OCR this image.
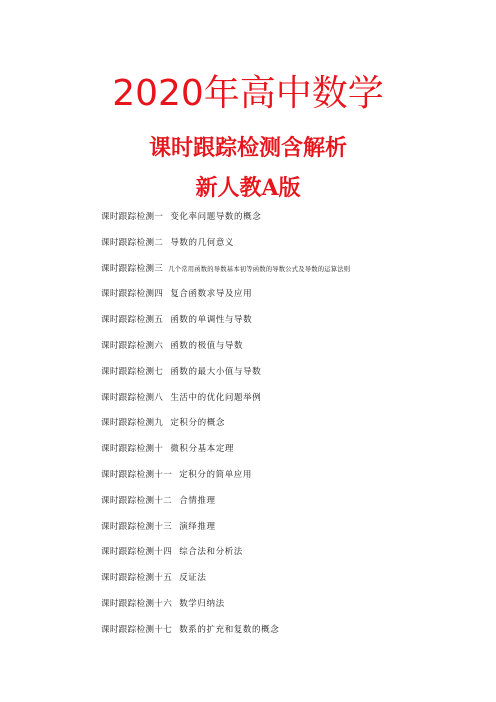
2020年高中数学
课时跟踪检测含解析
新人教A版
课时跟踪检测一 变化率问题导数的概念
课时跟踪检测二 导数的几何意义
课时跟踪检测三 几个常用函数的导数基本初等函数的导数公式及导数的运算法则
课时跟踪检测四 复合函数求导及应用
课时跟踪检测五 函数的单调性与导数
课时跟踪检测六 函数的极值与导数
课时跟踪检测七 函数的最大小值与导数
课时跟踪检测八 生活中的优化问题举例
课时跟踪检测九 定积分的概念
课时跟踪检测十 微积分基本定理
课时跟踪检测十一 定积分的简单应用
课时跟踪检测十二 合情推理
课时跟踪检测十三 演绎推理
课时跟踪检测十四 综合法和分析法
课时跟踪检测十五 反证法
课时跟踪检测十六 数学归纳法
课时跟踪检测十七 数系的扩充和复数的概念
